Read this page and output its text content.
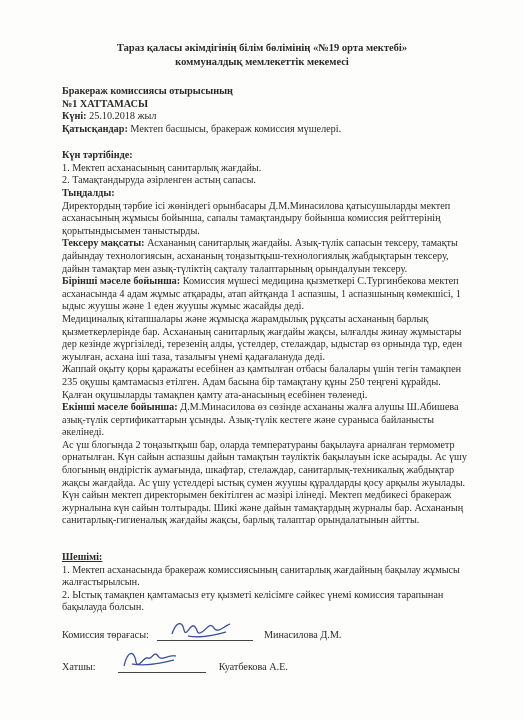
Тараз қаласы әкімдігінің білім бөлімінің «№19 орта мектебі»
коммуналдық мемлекеттік мекемесі
Бракераж комиссиясы отырысының
№1 ХАТТАМАСЫ
Күні: 25.10.2018 жыл
Қатысқандар: Мектеп басшысы, бракераж комиссия мүшелері.
Күн тәртібінде:
1. Мектеп асханасының санитарлық жағдайы.
2. Тамақтандыруда әзірленген астың сапасы.
Тыңдалды:
Директордың тәрбие ісі жөніндегі орынбасары Д.М.Минасилова қатысушыларды мектеп
асханасының жұмысы бойынша, сапалы тамақтандыру бойынша комиссия рейттерінің
қорытындысымен таныстырды.
Тексеру мақсаты: Асхананың санитарлық жағдайы. Азық-түлік сапасын тексеру, тамақты
дайындау технологиясын, асхананың тоңазытқыш-технологиялық жабдықтарын тексеру,
дайын тамақтар мен азық-түліктің сақталу талаптарының орындалуын тексеру.
Бірінші мәселе бойынша: Комиссия мүшесі медицина қызметкері С.Тургинбекова мектеп
асханасында 4 адам жұмыс атқарады, атап айтқанда 1 аспазшы, 1 аспазшының көмекшісі, 1
ыдыс жуушы және 1 еден жуушы жұмыс жасайды деді.
Медициналық кітапшалары және жұмысқа жарамдылық рұқсаты асхананың барлық
қызметкерлерінде бар. Асхананың санитарлық жағдайы жақсы, ылғалды жинау жұмыстары
дер кезінде жүргізіледі, терезенің алды, үстелдер, стелаждар, ыдыстар өз орнында тұр, еден
жуылған, асхана іші таза, тазалығы үнемі қадағалануда деді.
Жаппай оқыту қоры қаражаты есебінен аз қамтылған отбасы балалары үшін тегін тамақпен
235 оқушы қамтамасыз етілген. Адам басына бір тамақтану құны 250 теңгені құрайды.
Қалған оқушыларды тамақпен қамту ата-анасының есебінен төленеді.
Екінші мәселе бойынша: Д.М.Минасилова өз сөзінде асхананы жалға алушы Ш.Абишева
азық-түлік сертификаттарын ұсынды. Азық-түлік кестеге және сураныса байланысты
әкелінеді.
Ас үш блогында 2 тоңазытқыш бар, оларда температураны бақылауға арналған термометр
орнатылған. Күн сайын аспазшы дайын тамақтын тәуліктік бақылауын іске асырады. Ас үшу
блогының өндірістік аумағында, шкафтар, стелаждар, санитарлық-техникалық жабдықтар
жақсы жағдайда. Ас үшу үстелдері ыстық сумен жуушы құралдарды қосу арқылы жуылады.
Күн сайын мектеп директорымен бекітілген ас мәзірі ілінеді. Мектеп медбикесі бракераж
журналына күн сайын толтырады. Шикі және дайын тамақтардың журналы бар. Асхананың
санитарлық-гигиеналық жағдайы жақсы, барлық талаптар орындалатынын айтты.
Шешімі:
1. Мектеп асханасында бракераж комиссиясының санитарлық жағдайның бақылау жұмысы
жалғастырылсын.
2. Ыстық тамақпен қамтамасыз ету қызметі келісімге сәйкес үнемі комиссия тарапынан
бақылауда болсын.
Комиссия төрағасы:	Минасилова Д.М.
Хатшы:	Куатбекова А.Е.
